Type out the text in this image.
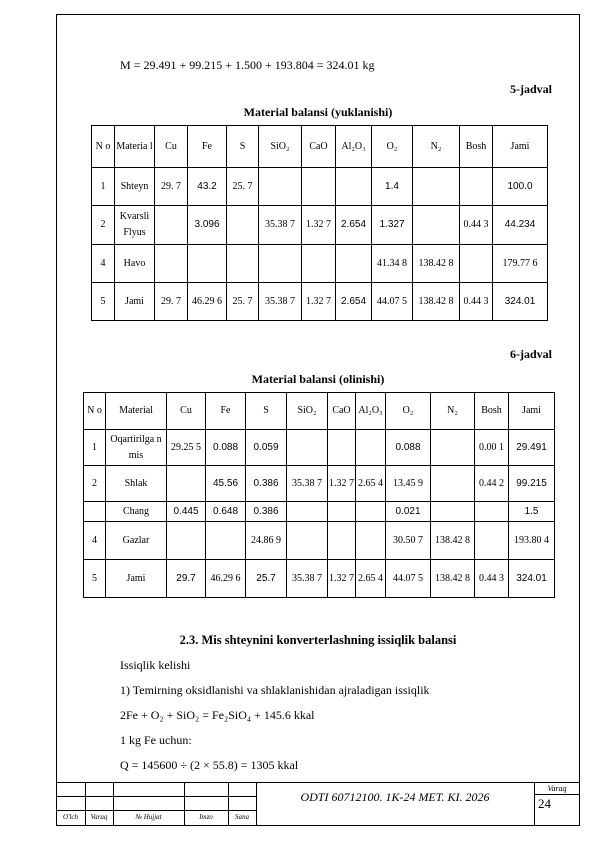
M = 29.491 + 99.215 + 1.500 + 193.804 = 324.01 kg
5-jadval
Material balansi (yuklanishi)
N o	Materia l	Cu	Fe	S	SiO₂	CaO	Al₂O₃	O₂	N₂	Bosh	Jami
1	Shteyn	29. 7	43.2	25. 7				1.4			100.0
2	Kvarsli Flyus		3.096		35.38 7	1.32 7	2.654	1.327		0.44 3	44.234
4	Havo							41.34 8	138.42 8		179.77 6
5	Jami	29. 7	46.29 6	25. 7	35.38 7	1.32 7	2.654	44.07 5	138.42 8	0.44 3	324.01
6-jadval
Material balansi (olinishi)
N o	Material	Cu	Fe	S	SiO₂	CaO	Al₂O₃	O₂	N₂	Bosh	Jami
1	Oqartirilga n mis	29.25 5	0.088	0.059				0.088		0.00 1	29.491
2	Shlak		45.56	0.386	35.38 7	1.32 7	2.65 4	13.45 9		0.44 2	99.215
	Chang	0.445	0.648	0.386				0.021			1.5
4	Gazlar			24.86 9				30.50 7	138.42 8		193.80 4
5	Jami	29.7	46.29 6	25.7	35.38 7	1.32 7	2.65 4	44.07 5	138.42 8	0.44 3	324.01
2.3. Mis shteynini konverterlashning issiqlik balansi
Issiqlik kelishi
1) Temirning oksidlanishi va shlaklanishidan ajraladigan issiqlik
2Fe + O₂ + SiO₂ = Fe₂SiO₄ + 145.6 kkal
1 kg Fe uchun:
Q = 145600 ÷ (2 × 55.8) = 1305 kkal
O'lch	Varaq	№ Hujjat	Imzo	Sana
ODTI 60712100. 1K-24 MET. KI. 2026
Varaq
24
